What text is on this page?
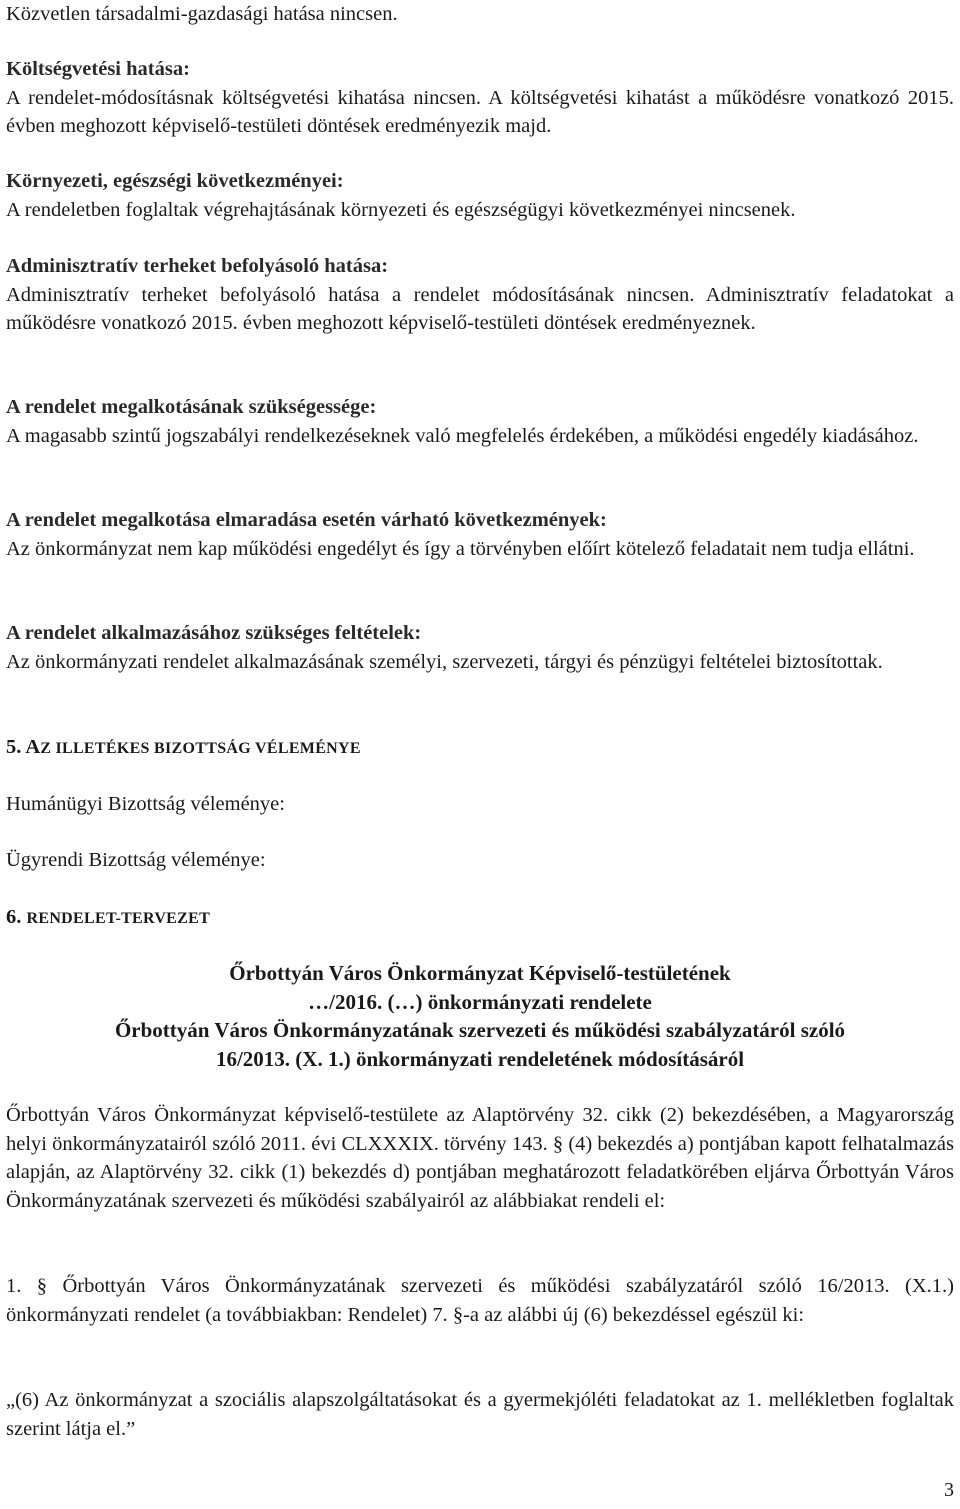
Közvetlen társadalmi-gazdasági hatása nincsen.

Költségvetési hatása:

A rendelet-módosításnak költségvetési kihatása nincsen. A költségvetési kihatást a működésre vonatkozó 2015. évben meghozott képviselő-testületi döntések eredményezik majd.

Környezeti, egészségi következményei:

A rendeletben foglaltak végrehajtásának környezeti és egészségügyi következményei nincsenek.

Adminisztratív terheket befolyásoló hatása:

Adminisztratív terheket befolyásoló hatása a rendelet módosításának nincsen. Adminisztratív feladatokat a működésre vonatkozó 2015. évben meghozott képviselő-testületi döntések eredményeznek.

A rendelet megalkotásának szükségessége:

A magasabb szintű jogszabályi rendelkezéseknek való megfelelés érdekében, a működési engedély kiadásához.

A rendelet megalkotása elmaradása esetén várható következmények:

Az önkormányzat nem kap működési engedélyt és így a törvényben előírt kötelező feladatait nem tudja ellátni.

A rendelet alkalmazásához szükséges feltételek:

Az önkormányzati rendelet alkalmazásának személyi, szervezeti, tárgyi és pénzügyi feltételei biztosítottak.

5. AZ ILLETÉKES BIZOTTSÁG VÉLEMÉNYE

Humánügyi Bizottság véleménye:

Ügyrendi Bizottság véleménye:

6. RENDELET-TERVEZET

Őrbottyán Város Önkormányzat Képviselő-testületének

…/2016. (…) önkormányzati rendelete

Őrbottyán Város Önkormányzatának szervezeti és működési szabályzatáról szóló

16/2013. (X. 1.) önkormányzati rendeletének módosításáról

Őrbottyán Város Önkormányzat képviselő-testülete az Alaptörvény 32. cikk (2) bekezdésében, a Magyarország helyi önkormányzatairól szóló 2011. évi CLXXXIX. törvény 143. § (4) bekezdés a) pontjában kapott felhatalmazás alapján, az Alaptörvény 32. cikk (1) bekezdés d) pontjában meghatározott feladatkörében eljárva Őrbottyán Város Önkormányzatának szervezeti és működési szabályairól az alábbiakat rendeli el:

1. § Őrbottyán Város Önkormányzatának szervezeti és működési szabályzatáról szóló 16/2013. (X.1.) önkormányzati rendelet (a továbbiakban: Rendelet) 7. §-a az alábbi új (6) bekezdéssel egészül ki:

„(6) Az önkormányzat a szociális alapszolgáltatásokat és a gyermekjóléti feladatokat az 1. mellékletben foglaltak szerint látja el.”

3
